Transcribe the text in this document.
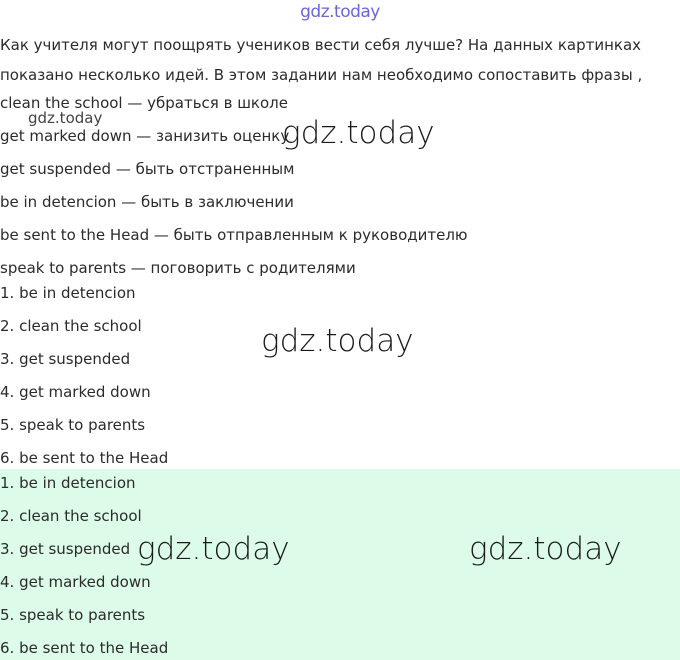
gdz.today
Как учителя могут поощрять учеников вести себя лучше? На данных картинках показано несколько идей. В этом задании нам необходимо сопоставить фразы ,
clean the school — убраться в школе
get marked down — занизить оценку
get suspended — быть отстраненным
be in detencion — быть в заключении
be sent to the Head — быть отправленным к руководителю
speak to parents — поговорить с родителями
1. be in detencion
2. clean the school
3. get suspended
4. get marked down
5. speak to parents
6. be sent to the Head
1. be in detencion
2. clean the school
3. get suspended
4. get marked down
5. speak to parents
6. be sent to the Head
gdz.today	gdz.today
gdz.today
gdz.today	gdz.today
